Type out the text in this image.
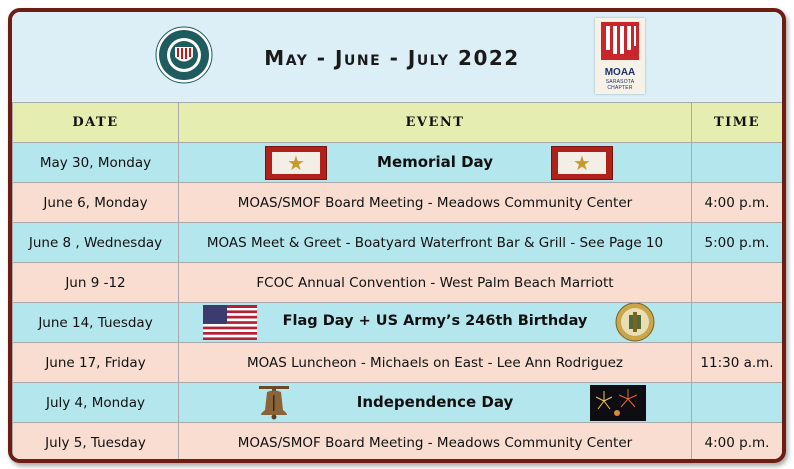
May - June - July 2022
MOAA
SARASOTA CHAPTER
DATE	EVENT	TIME
May 30, Monday	★ Memorial Day ★	

June 6, Monday	MOAS/SMOF Board Meeting - Meadows Community Center	4:00 p.m.
June 8 , Wednesday	MOAS Meet & Greet - Boatyard Waterfront Bar & Grill - See Page 10	5:00 p.m.
Jun 9 -12	FCOC Annual Convention - West Palm Beach Marriott	
June 14, Tuesday	Flag Day + US Army’s 246th Birthday	

June 17, Friday	MOAS Luncheon - Michaels on East - Lee Ann Rodriguez	11:30 a.m.
July 4, Monday	Independence Day	

July 5, Tuesday	MOAS/SMOF Board Meeting - Meadows Community Center	4:00 p.m.
